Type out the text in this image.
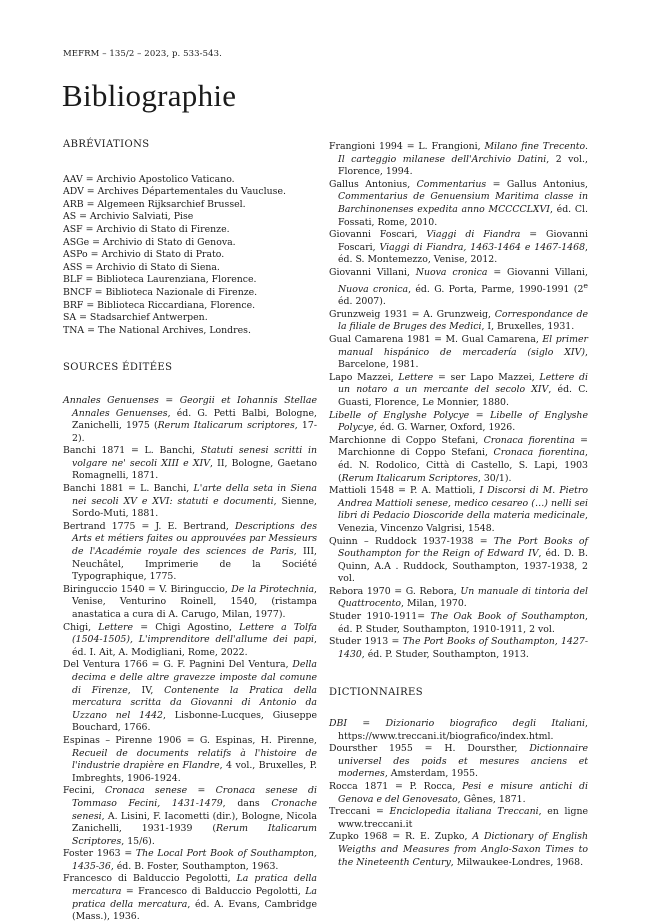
MEFRM – 135/2 – 2023, p. 533-543.
Bibliographie
ABRÉVIATIONS
AAV = Archivio Apostolico Vaticano.
ADV = Archives Départementales du Vaucluse.
ARB = Algemeen Rijksarchief Brussel.
AS = Archivio Salviati, Pise
ASF = Archivio di Stato di Firenze.
ASGe = Archivio di Stato di Genova.
ASPo = Archivio di Stato di Prato.
ASS = Archivio di Stato di Siena.
BLF = Biblioteca Laurenziana, Florence.
BNCF = Biblioteca Nazionale di Firenze.
BRF = Biblioteca Riccardiana, Florence.
SA = Stadsarchief Antwerpen.
TNA = The National Archives, Londres.
SOURCES ÉDITÉES

Annales Genuenses = Georgii et Iohannis Stellae Annales Genuenses, éd. G. Petti Balbi, Bologne, Zanichelli, 1975 (Rerum Italicarum scriptores, 17-2).

Banchi 1871 = L. Banchi, Statuti senesi scritti in volgare ne' secoli XIII e XIV, II, Bologne, Gaetano Romagnelli, 1871.

Banchi 1881 = L. Banchi, L'arte della seta in Siena nei secoli XV e XVI: statuti e documenti, Sienne, Sordo-Muti, 1881.

Bertrand 1775 = J. E. Bertrand, Descriptions des Arts et métiers faites ou approuvées par Messieurs de l'Académie royale des sciences de Paris, III, Neuchâtel, Imprimerie de la Société Typographique, 1775.

Biringuccio 1540 = V. Biringuccio, De la Pirotechnia, Venise, Venturino Roinell, 1540, (ristampa anastatica a cura di A. Carugo, Milan, 1977).

Chigi, Lettere = Chigi Agostino, Lettere a Tolfa (1504-1505), L'imprenditore dell'allume dei papi, éd. I. Ait, A. Modigliani, Rome, 2022.

Del Ventura 1766 = G. F. Pagnini Del Ventura, Della decima e delle altre gravezze imposte dal comune di Firenze, IV, Contenente la Pratica della mercatura scritta da Giovanni di Antonio da Uzzano nel 1442, Lisbonne-Lucques, Giuseppe Bouchard, 1766.

Espinas – Pirenne 1906 = G. Espinas, H. Pirenne, Recueil de documents relatifs à l'histoire de l'industrie drapière en Flandre, 4 vol., Bruxelles, P. Imbreghts, 1906-1924.

Fecini, Cronaca senese = Cronaca senese di Tommaso Fecini, 1431-1479, dans Cronache senesi, A. Lisini, F. Iacometti (dir.), Bologne, Nicola Zanichelli, 1931-1939 (Rerum Italicarum Scriptores, 15/6).

Foster 1963 = The Local Port Book of Southampton, 1435-36, éd. B. Foster, Southampton, 1963.

Francesco di Balduccio Pegolotti, La pratica della mercatura = Francesco di Balduccio Pegolotti, La pratica della mercatura, éd. A. Evans, Cambridge (Mass.), 1936.

Frangioni 1994 = L. Frangioni, Milano fine Trecento. Il carteggio milanese dell'Archivio Datini, 2 vol., Florence, 1994.

Gallus Antonius, Commentarius = Gallus Antonius, Commentarius de Genuensium Maritima classe in Barchinonenses expedita anno MCCCCLXVI, éd. Cl. Fossati, Rome, 2010.

Giovanni Foscari, Viaggi di Fiandra = Giovanni Foscari, Viaggi di Fiandra, 1463-1464 e 1467-1468, éd. S. Montemezzo, Venise, 2012.

Giovanni Villani, Nuova cronica = Giovanni Villani, Nuova cronica, éd. G. Porta, Parme, 1990-1991 (2e éd. 2007).

Grunzweig 1931 = A. Grunzweig, Correspondance de la filiale de Bruges des Medici, I, Bruxelles, 1931.

Gual Camarena 1981 = M. Gual Camarena, El primer manual hispánico de mercadería (siglo XIV), Barcelone, 1981.

Lapo Mazzei, Lettere = ser Lapo Mazzei, Lettere di un notaro a un mercante del secolo XIV, éd. C. Guasti, Florence, Le Monnier, 1880.

Libelle of Englyshe Polycye = Libelle of Englyshe Polycye, éd. G. Warner, Oxford, 1926.

Marchionne di Coppo Stefani, Cronaca fiorentina = Marchionne di Coppo Stefani, Cronaca fiorentina, éd. N. Rodolico, Città di Castello, S. Lapi, 1903 (Rerum Italicarum Scriptores, 30/1).

Mattioli 1548 = P. A. Mattioli, I Discorsi di M. Pietro Andrea Mattioli senese, medico cesareo (…) nelli sei libri di Pedacio Dioscoride della materia medicinale, Venezia, Vincenzo Valgrisi, 1548.

Quinn – Ruddock 1937-1938 = The Port Books of Southampton for the Reign of Edward IV, éd. D. B. Quinn, A.A . Ruddock, Southampton, 1937-1938, 2 vol.

Rebora 1970 = G. Rebora, Un manuale di tintoria del Quattrocento, Milan, 1970.

Studer 1910-1911= The Oak Book of Southampton, éd. P. Studer, Southampton, 1910-1911, 2 vol.

Studer 1913 = The Port Books of Southampton, 1427-1430, éd. P. Studer, Southampton, 1913.

DICTIONNAIRES

DBI = Dizionario biografico degli Italiani, https://www.treccani.it/biografico/index.html.

Doursther 1955 = H. Doursther, Dictionnaire universel des poids et mesures anciens et modernes, Amsterdam, 1955.

Rocca 1871 = P. Rocca, Pesi e misure antichi di Genova e del Genovesato, Gênes, 1871.

Treccani = Enciclopedia italiana Treccani, en ligne www.treccani.it

Zupko 1968 = R. E. Zupko, A Dictionary of English Weigths and Measures from Anglo-Saxon Times to the Nineteenth Century, Milwaukee-Londres, 1968.
